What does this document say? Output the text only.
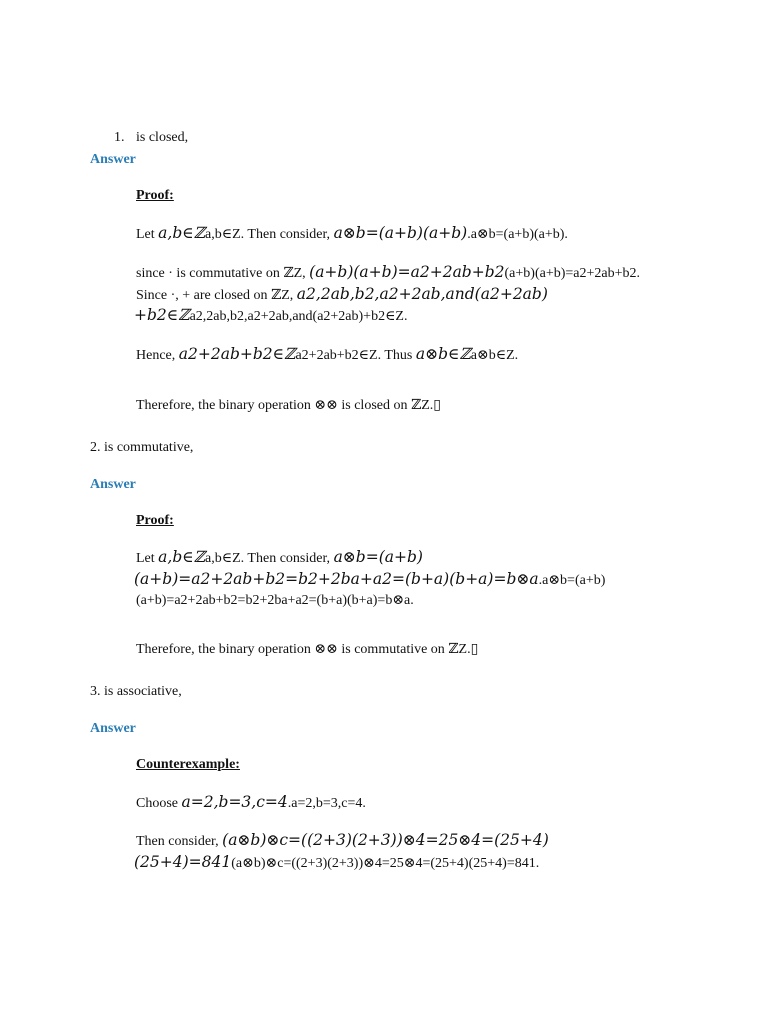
1. is closed,
Answer
Proof:
Let a,b∈ℤa,b∈Z. Then consider, a⊗b=(a+b)(a+b).a⊗b=(a+b)(a+b).
since · is commutative on ℤZ, (a+b)(a+b)=a2+2ab+b2(a+b)(a+b)=a2+2ab+b2.
Since ·, + are closed on ℤZ, a2,2ab,b2,a2+2ab,and(a2+2ab)
+b2∈ℤa2,2ab,b2,a2+2ab,and(a2+2ab)+b2∈Z.
Hence, a2+2ab+b2∈ℤa2+2ab+b2∈Z. Thus a⊗b∈ℤa⊗b∈Z.
Therefore, the binary operation ⊗⊗ is closed on ℤZ.▯
2. is commutative,
Answer
Proof:
Let a,b∈ℤa,b∈Z. Then consider, a⊗b=(a+b)
(a+b)=a2+2ab+b2=b2+2ba+a2=(b+a)(b+a)=b⊗a.a⊗b=(a+b)
(a+b)=a2+2ab+b2=b2+2ba+a2=(b+a)(b+a)=b⊗a.
Therefore, the binary operation ⊗⊗ is commutative on ℤZ.▯
3. is associative,
Answer
Counterexample:
Choose a=2,b=3,c=4.a=2,b=3,c=4.
Then consider, (a⊗b)⊗c=((2+3)(2+3))⊗4=25⊗4=(25+4)
(25+4)=841(a⊗b)⊗c=((2+3)(2+3))⊗4=25⊗4=(25+4)(25+4)=841.
